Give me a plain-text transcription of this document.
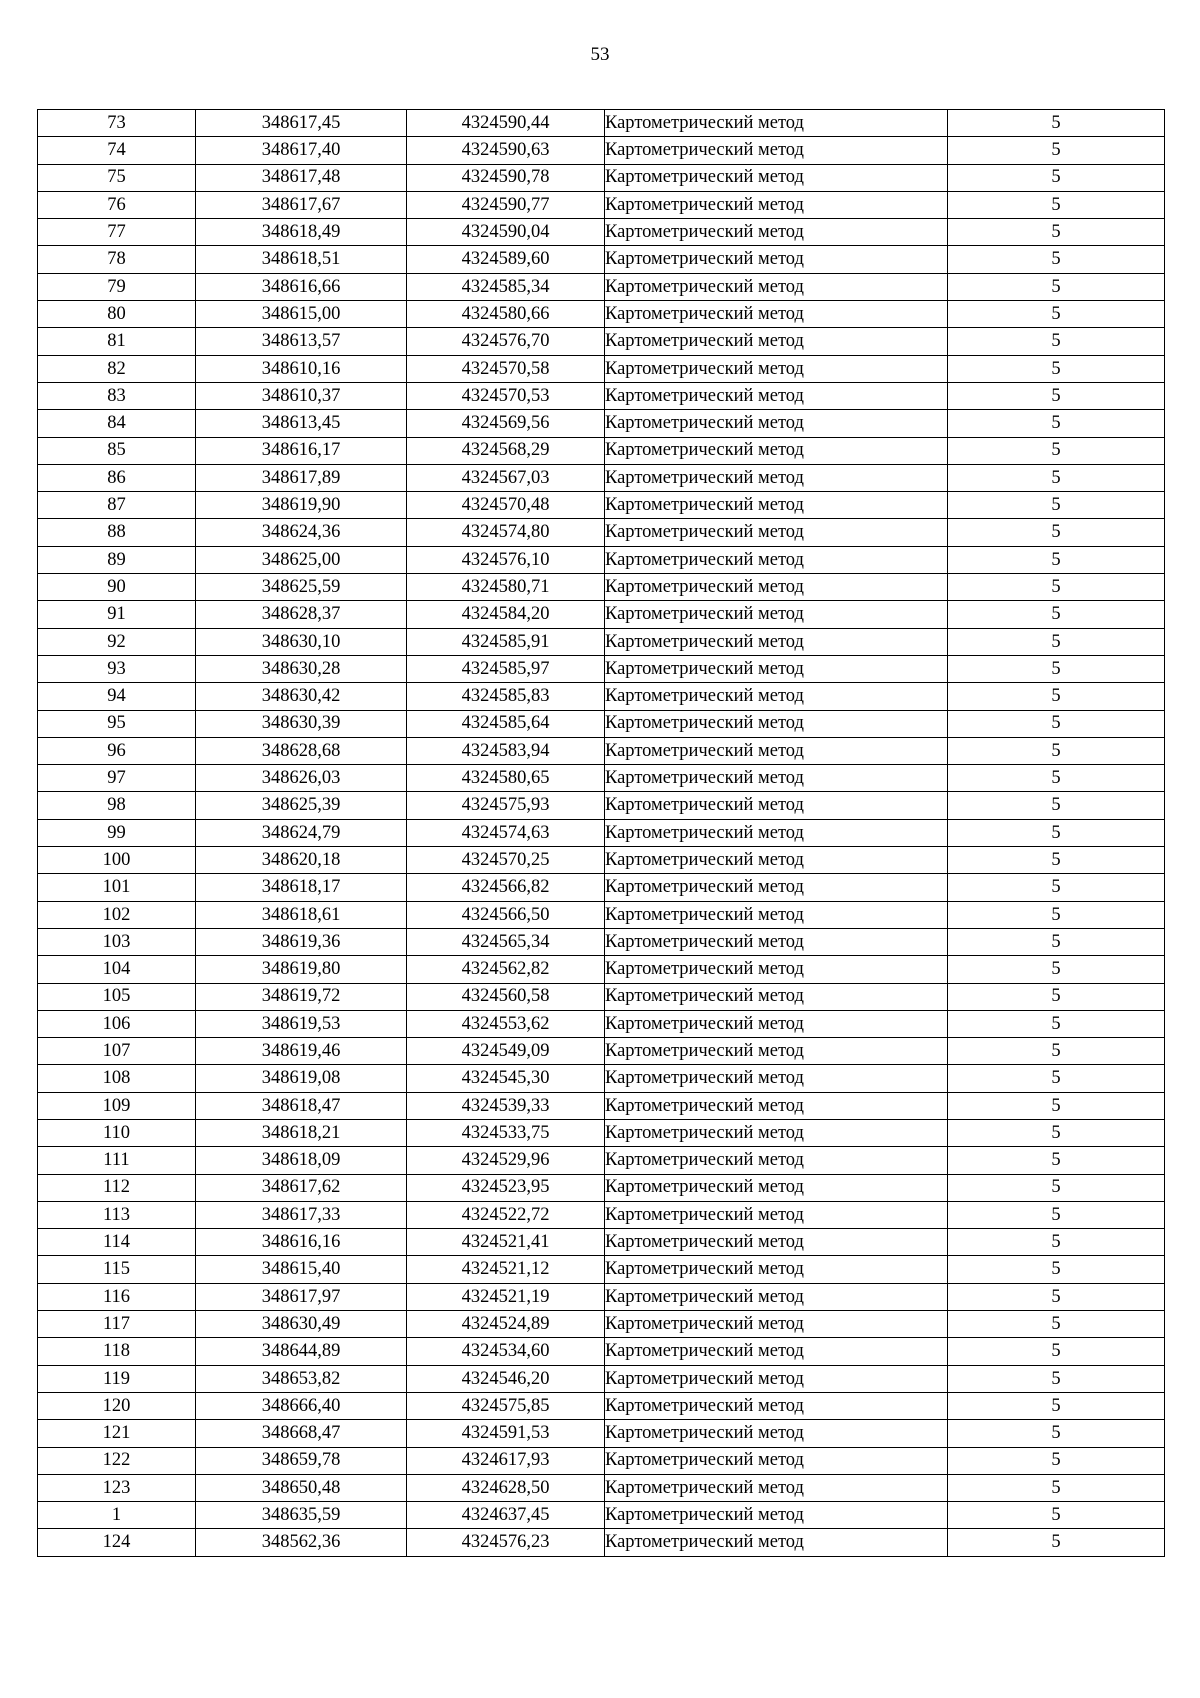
53
73	348617,45	4324590,44	Картометрический метод	5
74	348617,40	4324590,63	Картометрический метод	5
75	348617,48	4324590,78	Картометрический метод	5
76	348617,67	4324590,77	Картометрический метод	5
77	348618,49	4324590,04	Картометрический метод	5
78	348618,51	4324589,60	Картометрический метод	5
79	348616,66	4324585,34	Картометрический метод	5
80	348615,00	4324580,66	Картометрический метод	5
81	348613,57	4324576,70	Картометрический метод	5
82	348610,16	4324570,58	Картометрический метод	5
83	348610,37	4324570,53	Картометрический метод	5
84	348613,45	4324569,56	Картометрический метод	5
85	348616,17	4324568,29	Картометрический метод	5
86	348617,89	4324567,03	Картометрический метод	5
87	348619,90	4324570,48	Картометрический метод	5
88	348624,36	4324574,80	Картометрический метод	5
89	348625,00	4324576,10	Картометрический метод	5
90	348625,59	4324580,71	Картометрический метод	5
91	348628,37	4324584,20	Картометрический метод	5
92	348630,10	4324585,91	Картометрический метод	5
93	348630,28	4324585,97	Картометрический метод	5
94	348630,42	4324585,83	Картометрический метод	5
95	348630,39	4324585,64	Картометрический метод	5
96	348628,68	4324583,94	Картометрический метод	5
97	348626,03	4324580,65	Картометрический метод	5
98	348625,39	4324575,93	Картометрический метод	5
99	348624,79	4324574,63	Картометрический метод	5
100	348620,18	4324570,25	Картометрический метод	5
101	348618,17	4324566,82	Картометрический метод	5
102	348618,61	4324566,50	Картометрический метод	5
103	348619,36	4324565,34	Картометрический метод	5
104	348619,80	4324562,82	Картометрический метод	5
105	348619,72	4324560,58	Картометрический метод	5
106	348619,53	4324553,62	Картометрический метод	5
107	348619,46	4324549,09	Картометрический метод	5
108	348619,08	4324545,30	Картометрический метод	5
109	348618,47	4324539,33	Картометрический метод	5
110	348618,21	4324533,75	Картометрический метод	5
111	348618,09	4324529,96	Картометрический метод	5
112	348617,62	4324523,95	Картометрический метод	5
113	348617,33	4324522,72	Картометрический метод	5
114	348616,16	4324521,41	Картометрический метод	5
115	348615,40	4324521,12	Картометрический метод	5
116	348617,97	4324521,19	Картометрический метод	5
117	348630,49	4324524,89	Картометрический метод	5
118	348644,89	4324534,60	Картометрический метод	5
119	348653,82	4324546,20	Картометрический метод	5
120	348666,40	4324575,85	Картометрический метод	5
121	348668,47	4324591,53	Картометрический метод	5
122	348659,78	4324617,93	Картометрический метод	5
123	348650,48	4324628,50	Картометрический метод	5
1	348635,59	4324637,45	Картометрический метод	5
124	348562,36	4324576,23	Картометрический метод	5
